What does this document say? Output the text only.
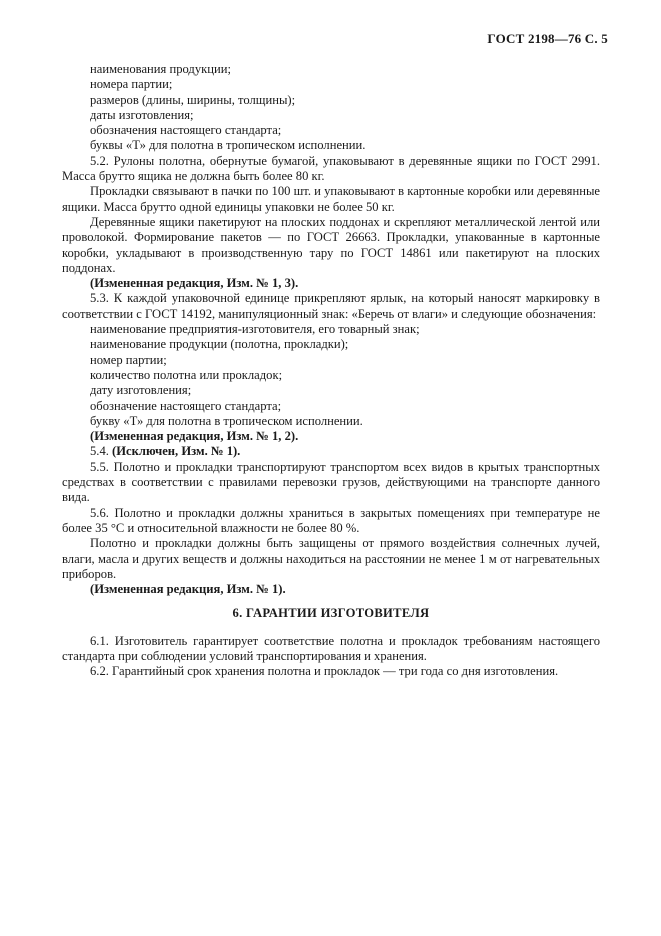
ГОСТ 2198—76 С. 5
наименования продукции;
номера партии;
размеров (длины, ширины, толщины);
даты изготовления;
обозначения настоящего стандарта;
буквы «Т» для полотна в тропическом исполнении.

5.2. Рулоны полотна, обернутые бумагой, упаковывают в деревянные ящики по ГОСТ 2991. Масса брутто ящика не должна быть более 80 кг.

Прокладки связывают в пачки по 100 шт. и упаковывают в картонные коробки или деревянные ящики. Масса брутто одной единицы упаковки не более 50 кг.

Деревянные ящики пакетируют на плоских поддонах и скрепляют металлической лентой или проволокой. Формирование пакетов — по ГОСТ 26663. Прокладки, упакованные в картонные коробки, укладывают в производственную тару по ГОСТ 14861 или пакетируют на плоских поддонах.

(Измененная редакция, Изм. № 1, 3).

5.3. К каждой упаковочной единице прикрепляют ярлык, на который наносят маркировку в соответствии с ГОСТ 14192, манипуляционный знак: «Беречь от влаги» и следующие обозначения:

наименование предприятия-изготовителя, его товарный знак;
наименование продукции (полотна, прокладки);
номер партии;
количество полотна или прокладок;
дату изготовления;
обозначение настоящего стандарта;
букву «Т» для полотна в тропическом исполнении.

(Измененная редакция, Изм. № 1, 2).

5.4. (Исключен, Изм. № 1).

5.5. Полотно и прокладки транспортируют транспортом всех видов в крытых транспортных средствах в соответствии с правилами перевозки грузов, действующими на транспорте данного вида.

5.6. Полотно и прокладки должны храниться в закрытых помещениях при температуре не более 35 °С и относительной влажности не более 80 %.

Полотно и прокладки должны быть защищены от прямого воздействия солнечных лучей, влаги, масла и других веществ и должны находиться на расстоянии не менее 1 м от нагревательных приборов.

(Измененная редакция, Изм. № 1).

6. ГАРАНТИИ ИЗГОТОВИТЕЛЯ

6.1. Изготовитель гарантирует соответствие полотна и прокладок требованиям настоящего стандарта при соблюдении условий транспортирования и хранения.

6.2. Гарантийный срок хранения полотна и прокладок — три года со дня изготовления.
